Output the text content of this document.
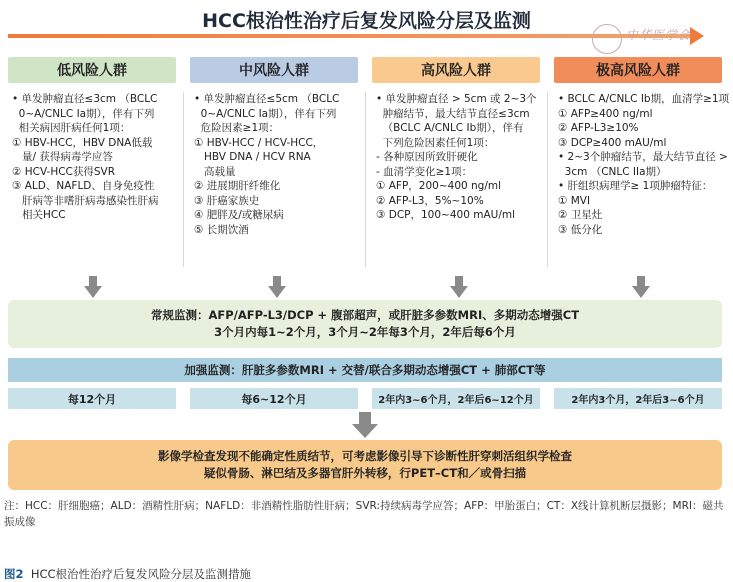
HCC根治性治疗后复发风险分层及监测
中华医学会
低风险人群	中风险人群	高风险人群	极高风险人群
• 单发肿瘤直径≤3cm （BCLC
0~A/CNLC Ia期），伴有下列
相关病因肝病任何1项：
① HBV-HCC，HBV DNA低载
量/ 获得病毒学应答
② HCV-HCC获得SVR
③ ALD、NAFLD、自身免疫性
肝病等非嗜肝病毒感染性肝病
相关HCC
• 单发肿瘤直径≤5cm （BCLC
0~A/CNLC Ia期），伴有下列
危险因素≥1项：
① HBV-HCC / HCV-HCC，
HBV DNA / HCV RNA
高载量
② 进展期肝纤维化
③ 肝癌家族史
④ 肥胖及/或糖尿病
⑤ 长期饮酒
• 单发肿瘤直径 > 5cm 或 2~3个
肿瘤结节，最大结节直径≤3cm
（BCLC A/CNLC Ib期），伴有
下列危险因素任何1项：
- 各种原因所致肝硬化
- 血清学变化≥1项：
① AFP，200~400 ng/ml
② AFP-L3，5%~10%
③ DCP，100~400 mAU/ml
• BCLC A/CNLC Ib期，血清学≥1项
① AFP≥400 ng/ml
② AFP-L3≥10%
③ DCP≥400 mAU/ml
• 2~3个肿瘤结节，最大结节直径 >
3cm （CNLC IIa期）
• 肝组织病理学≥ 1项肿瘤特征：
① MVI
② 卫星灶
③ 低分化
常规监测：AFP/AFP-L3/DCP + 腹部超声，或肝脏多参数MRI、多期动态增强CT
3个月内每1~2个月，3个月~2年每3个月，2年后每6个月
加强监测：肝脏多参数MRI + 交替/联合多期动态增强CT + 肺部CT等
每12个月	每6~12个月	2年内3~6个月，2年后6~12个月	2年内3个月，2年后3~6个月
影像学检查发现不能确定性质结节，可考虑影像引导下诊断性肝穿刺活组织学检查
疑似骨肠、淋巴结及多器官肝外转移，行PET–CT和／或骨扫描
注：HCC：肝细胞癌；ALD：酒精性肝病；NAFLD：非酒精性脂肪性肝病；SVR:持续病毒学应答；AFP：甲胎蛋白；CT：X线计算机断层摄影；MRI：磁共振成像
图2 HCC根治性治疗后复发风险分层及监测措施
